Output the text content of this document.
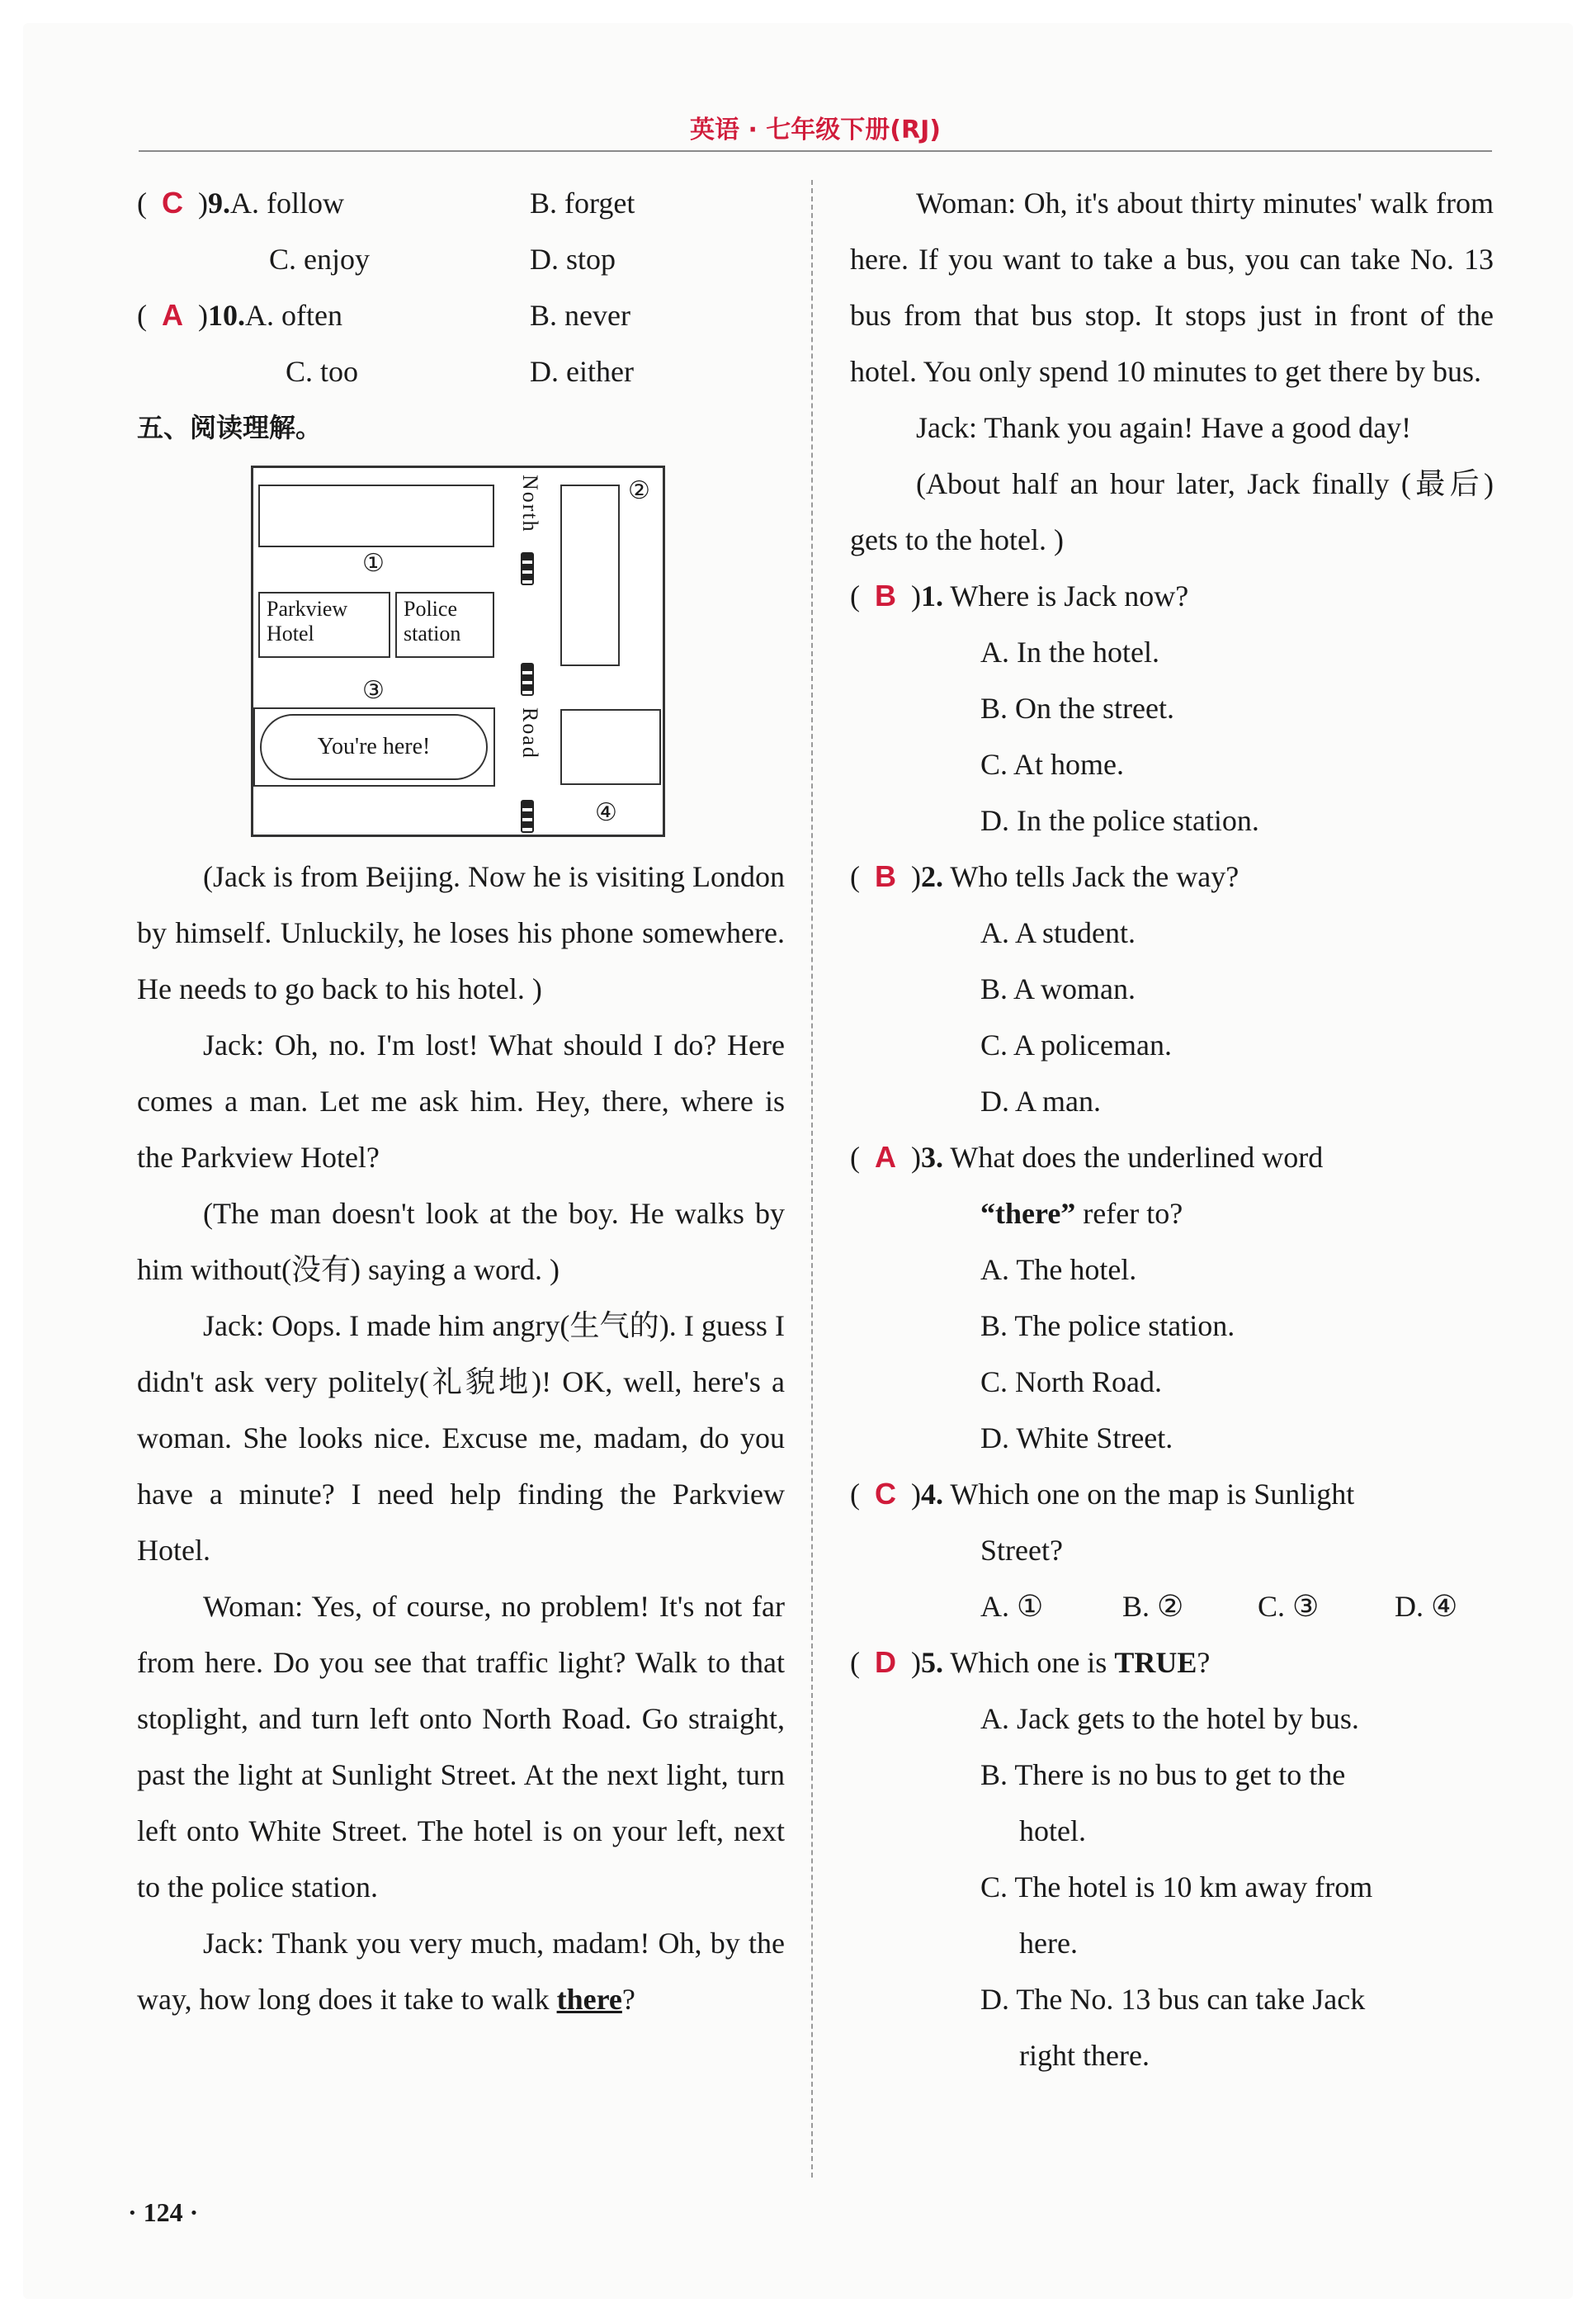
英语 · 七年级下册(RJ)
(  C  )9.A. follow	B. forget
C. enjoy	D. stop
(  A  )10.A. often	B. never
C. too	D. either
五、阅读理解。
①
Parkview Hotel
Police station
③
You're here!
North
Road
②
④

(Jack is from Beijing. Now he is visiting London by himself. Unluckily, he loses his phone somewhere. He needs to go back to his hotel. )

Jack: Oh, no. I'm lost! What should I do? Here comes a man. Let me ask him. Hey, there, where is the Parkview Hotel?

(The man doesn't look at the boy. He walks by him without(没有) saying a word. )

Jack: Oops. I made him angry(生气的). I guess I didn't ask very politely(礼貌地)! OK, well, here's a woman. She looks nice. Excuse me, madam, do you have a minute? I need help finding the Parkview Hotel.

Woman: Yes, of course, no problem! It's not far from here. Do you see that traffic light? Walk to that stoplight, and turn left onto North Road. Go straight, past the light at Sunlight Street. At the next light, turn left onto White Street. The hotel is on your left, next to the police station.

Jack: Thank you very much, madam! Oh, by the way, how long does it take to walk there?

Woman: Oh, it's about thirty minutes' walk from here. If you want to take a bus, you can take No. 13 bus from that bus stop. It stops just in front of the hotel. You only spend 10 minutes to get there by bus.

Jack: Thank you again! Have a good day!

(About half an hour later, Jack finally (最后) gets to the hotel. )

(  B  )1. Where is Jack now?
A. In the hotel.
B. On the street.
C. At home.
D. In the police station.
(  B  )2. Who tells Jack the way?
A. A student.
B. A woman.
C. A policeman.
D. A man.
(  A  )3. What does the underlined word
“there” refer to?
A. The hotel.
B. The police station.
C. North Road.
D. White Street.
(  C  )4. Which one on the map is Sunlight
Street?
A. ①	B. ② C. ③	D. ④
(  D  )5. Which one is TRUE?
A. Jack gets to the hotel by bus.
B. There is no bus to get to the
hotel.
C. The hotel is 10 km away from
here.
D. The No. 13 bus can take Jack
right there.
· 124 ·
